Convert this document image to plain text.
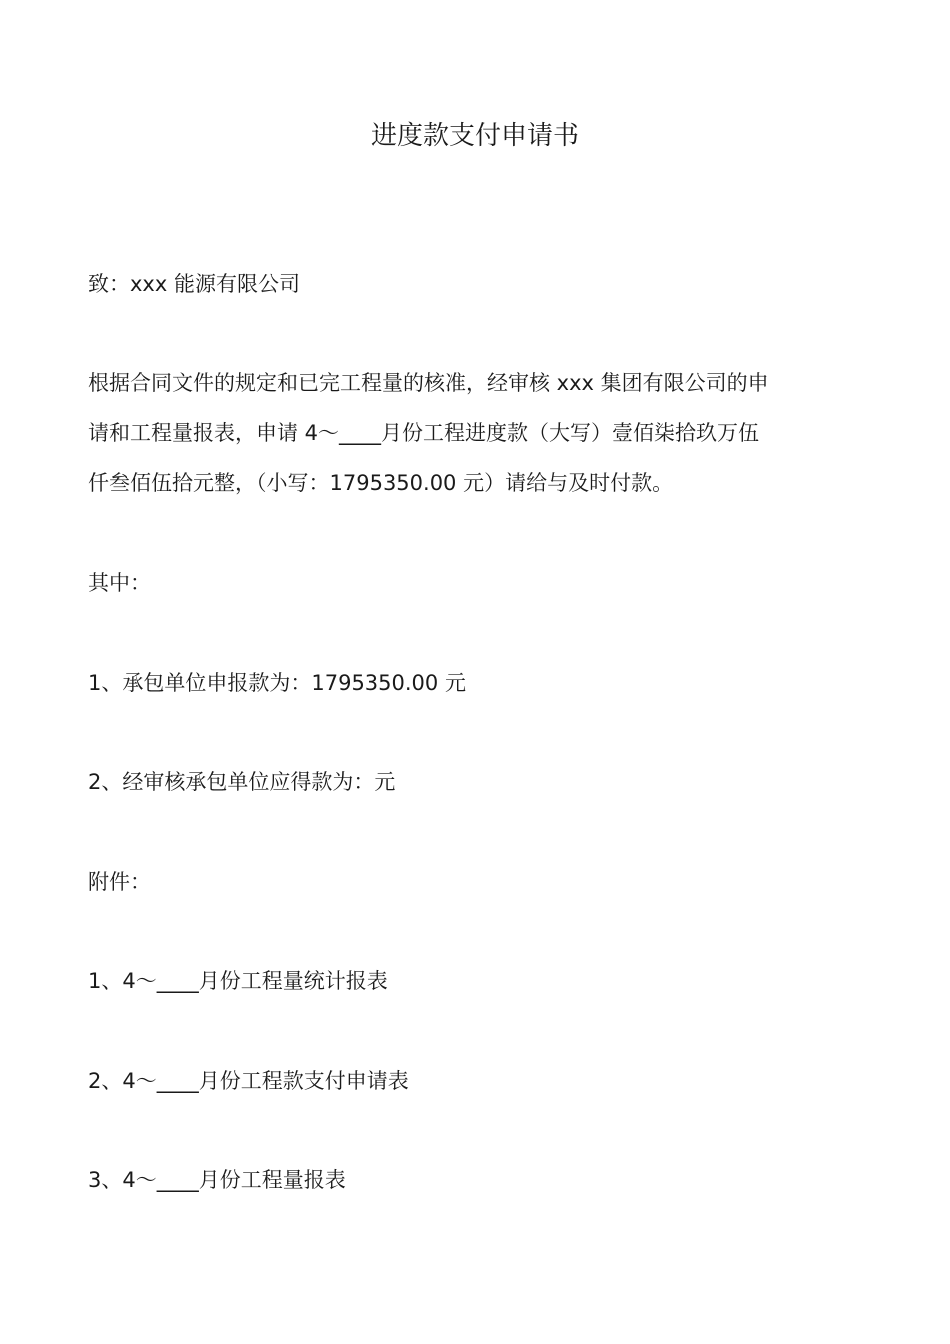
进度款支付申请书
致：xxx 能源有限公司
根据合同文件的规定和已完工程量的核准，经审核 xxx 集团有限公司的申
请和工程量报表，申请 4～____月份工程进度款（大写）壹佰柒拾玖万伍
仟叁佰伍拾元整，（小写：1795350.00 元）请给与及时付款。
其中：
1、承包单位申报款为：1795350.00 元
2、经审核承包单位应得款为：元
附件：
1、4～____月份工程量统计报表
2、4～____月份工程款支付申请表
3、4～____月份工程量报表
